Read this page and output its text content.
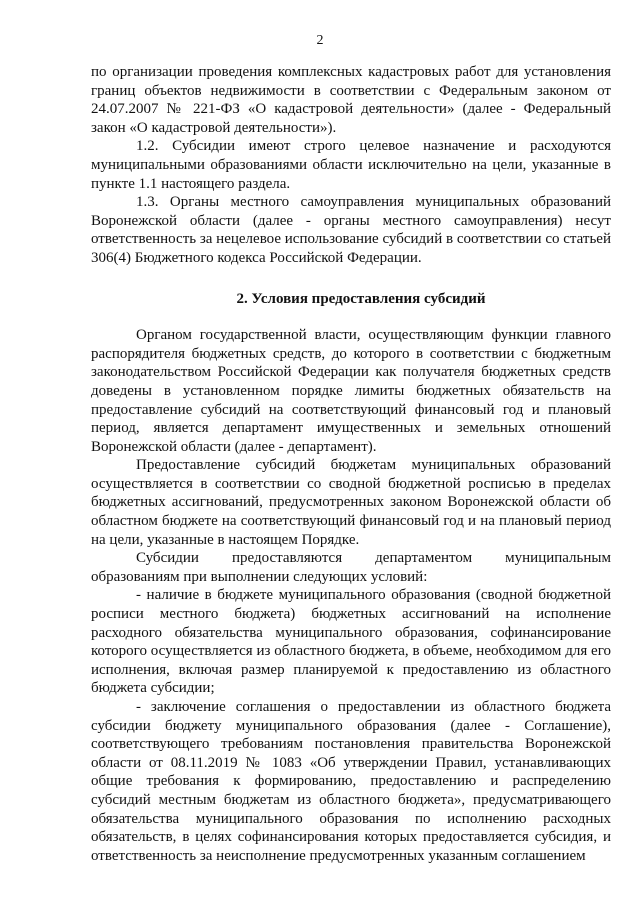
2

по организации проведения комплексных кадастровых работ для установления границ объектов недвижимости в соответствии с Федеральным законом от 24.07.2007 № 221-ФЗ «О кадастровой деятельности» (далее - Федеральный закон «О кадастровой деятельности»).

1.2. Субсидии имеют строго целевое назначение и расходуются муниципальными образованиями области исключительно на цели, указанные в пункте 1.1 настоящего раздела.

1.3. Органы местного самоуправления муниципальных образований Воронежской области (далее - органы местного самоуправления) несут ответственность за нецелевое использование субсидий в соответствии со статьей 306(4) Бюджетного кодекса Российской Федерации.

2. Условия предоставления субсидий

Органом государственной власти, осуществляющим функции главного распорядителя бюджетных средств, до которого в соответствии с бюджетным законодательством Российской Федерации как получателя бюджетных средств доведены в установленном порядке лимиты бюджетных обязательств на предоставление субсидий на соответствующий финансовый год и плановый период, является департамент имущественных и земельных отношений Воронежской области (далее - департамент).

Предоставление субсидий бюджетам муниципальных образований осуществляется в соответствии со сводной бюджетной росписью в пределах бюджетных ассигнований, предусмотренных законом Воронежской области об областном бюджете на соответствующий финансовый год и на плановый период на цели, указанные в настоящем Порядке.

Субсидии предоставляются департаментом муниципальным образованиям при выполнении следующих условий:

- наличие в бюджете муниципального образования (сводной бюджетной росписи местного бюджета) бюджетных ассигнований на исполнение расходного обязательства муниципального образования, софинансирование которого осуществляется из областного бюджета, в объеме, необходимом для его исполнения, включая размер планируемой к предоставлению из областного бюджета субсидии;

- заключение соглашения о предоставлении из областного бюджета субсидии бюджету муниципального образования (далее - Соглашение), соответствующего требованиям постановления правительства Воронежской области от 08.11.2019 № 1083 «Об утверждении Правил, устанавливающих общие требования к формированию, предоставлению и распределению субсидий местным бюджетам из областного бюджета», предусматривающего обязательства муниципального образования по исполнению расходных обязательств, в целях софинансирования которых предоставляется субсидия, и ответственность за неисполнение предусмотренных указанным соглашением
